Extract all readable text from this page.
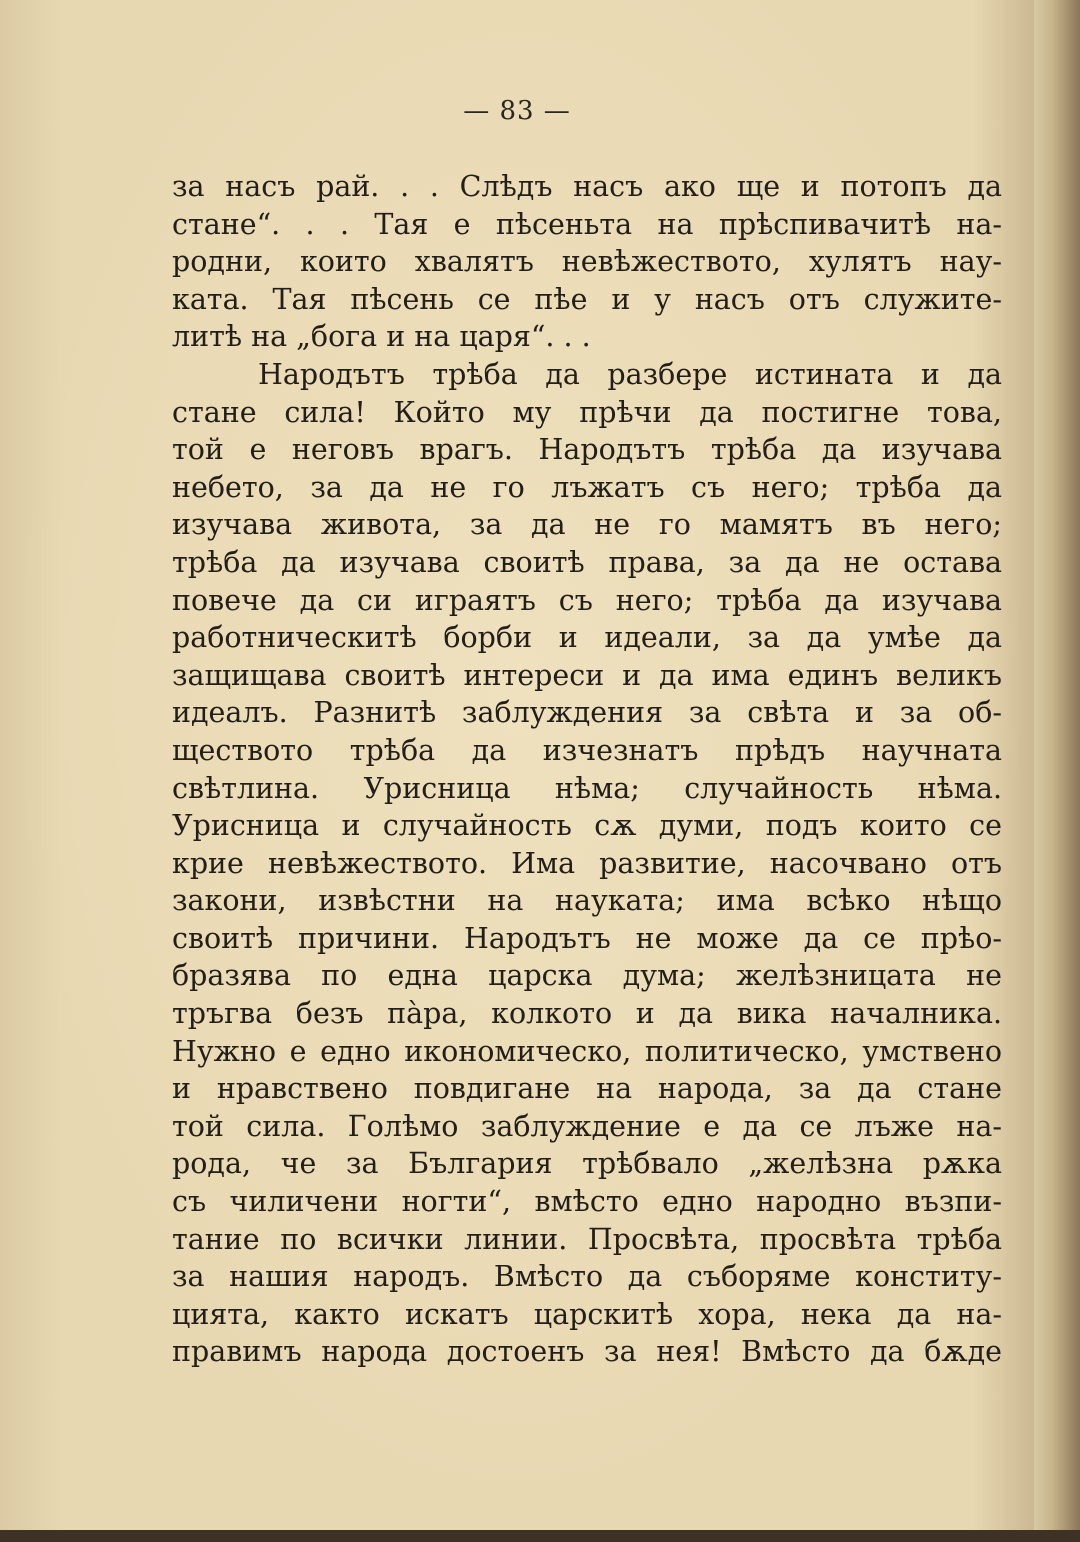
— 83 —
за насъ рай. . . Слѣдъ насъ ако ще и потопъ да
стане“. . . Тая е пѣсеньта на прѣспивачитѣ на-
родни, които хвалятъ невѣжеството, хулятъ нау-
ката. Тая пѣсень се пѣе и у насъ отъ служите-
литѣ на „бога и на царя“. . .
Народътъ трѣба да разбере истината и да
стане сила! Който му прѣчи да постигне това,
той е неговъ врагъ. Народътъ трѣба да изучава
небето, за да не го лъжатъ съ него; трѣба да
изучава живота, за да не го мамятъ въ него;
трѣба да изучава своитѣ права, за да не остава
повече да си играятъ съ него; трѣба да изучава
работническитѣ борби и идеали, за да умѣе да
защищава своитѣ интереси и да има единъ великъ
идеалъ. Разнитѣ заблуждения за свѣта и за об-
ществото трѣба да изчезнатъ прѣдъ научната
свѣтлина. Урисница нѣма; случайность нѣма.
Урисница и случайность сѫ думи, подъ които се
крие невѣжеството. Има развитие, насочвано отъ
закони, извѣстни на науката; има всѣко нѣщо
своитѣ причини. Народътъ не може да се прѣо-
бразява по една царска дума; желѣзницата не
тръгва безъ пàра, колкото и да вика началника.
Нужно е едно икономическо, политическо, умствено
и нравствено повдигане на народа, за да стане
той сила. Голѣмо заблуждение е да се лъже на-
рода, че за България трѣбвало „желѣзна рѫка
съ чиличени ногти“, вмѣсто едно народно възпи-
тание по всички линии. Просвѣта, просвѣта трѣба
за нашия народъ. Вмѣсто да съборяме конститу-
цията, както искатъ царскитѣ хора, нека да на-
правимъ народа достоенъ за нея! Вмѣсто да бѫде
